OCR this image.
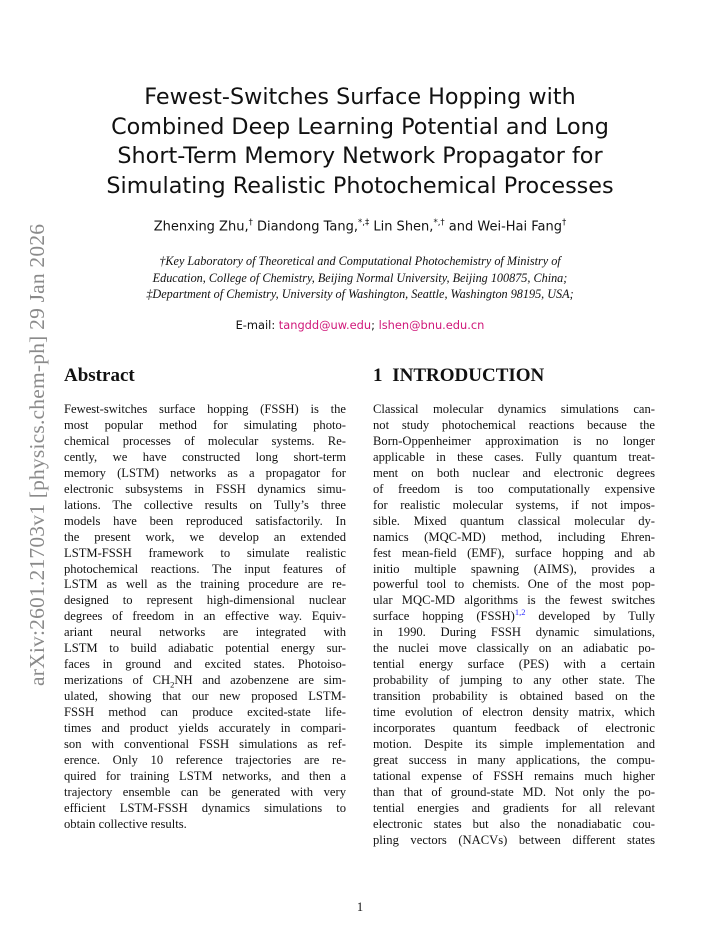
arXiv:2601.21703v1 [physics.chem-ph] 29 Jan 2026
Fewest-Switches Surface Hopping with
Combined Deep Learning Potential and Long
Short-Term Memory Network Propagator for
Simulating Realistic Photochemical Processes
Zhenxing Zhu,† Diandong Tang,*,‡ Lin Shen,*,† and Wei-Hai Fang†
†Key Laboratory of Theoretical and Computational Photochemistry of Ministry of
Education, College of Chemistry, Beijing Normal University, Beijing 100875, China;
‡Department of Chemistry, University of Washington, Seattle, Washington 98195, USA;
E-mail: tangdd@uw.edu; lshen@bnu.edu.cn
Abstract	1 INTRODUCTION
Fewest-switches surface hopping (FSSH) is the
most popular method for simulating photo-
chemical processes of molecular systems. Re-
cently, we have constructed long short-term
memory (LSTM) networks as a propagator for
electronic subsystems in FSSH dynamics simu-
lations. The collective results on Tully’s three
models have been reproduced satisfactorily. In
the present work, we develop an extended
LSTM-FSSH framework to simulate realistic
photochemical reactions. The input features of
LSTM as well as the training procedure are re-
designed to represent high-dimensional nuclear
degrees of freedom in an effective way. Equiv-
ariant neural networks are integrated with
LSTM to build adiabatic potential energy sur-
faces in ground and excited states. Photoiso-
merizations of $CH_2NH$ and azobenzene are sim-
ulated, showing that our new proposed LSTM-
FSSH method can produce excited-state life-
times and product yields accurately in compari-
son with conventional FSSH simulations as ref-
erence. Only 10 reference trajectories are re-
quired for training LSTM networks, and then a
trajectory ensemble can be generated with very
efficient LSTM-FSSH dynamics simulations to
obtain collective results.
Classical molecular dynamics simulations can-
not study photochemical reactions because the
Born-Oppenheimer approximation is no longer
applicable in these cases. Fully quantum treat-
ment on both nuclear and electronic degrees
of freedom is too computationally expensive
for realistic molecular systems, if not impos-
sible. Mixed quantum classical molecular dy-
namics (MQC-MD) method, including Ehren-
fest mean-field (EMF), surface hopping and ab
initio multiple spawning (AIMS), provides a
powerful tool to chemists. One of the most pop-
ular MQC-MD algorithms is the fewest switches
surface hopping (FSSH)$^{1,2}$ developed by Tully
in 1990. During FSSH dynamic simulations,
the nuclei move classically on an adiabatic po-
tential energy surface (PES) with a certain
probability of jumping to any other state. The
transition probability is obtained based on the
time evolution of electron density matrix, which
incorporates quantum feedback of electronic
motion. Despite its simple implementation and
great success in many applications, the compu-
tational expense of FSSH remains much higher
than that of ground-state MD. Not only the po-
tential energies and gradients for all relevant
electronic states but also the nonadiabatic cou-
pling vectors (NACVs) between different states
1
